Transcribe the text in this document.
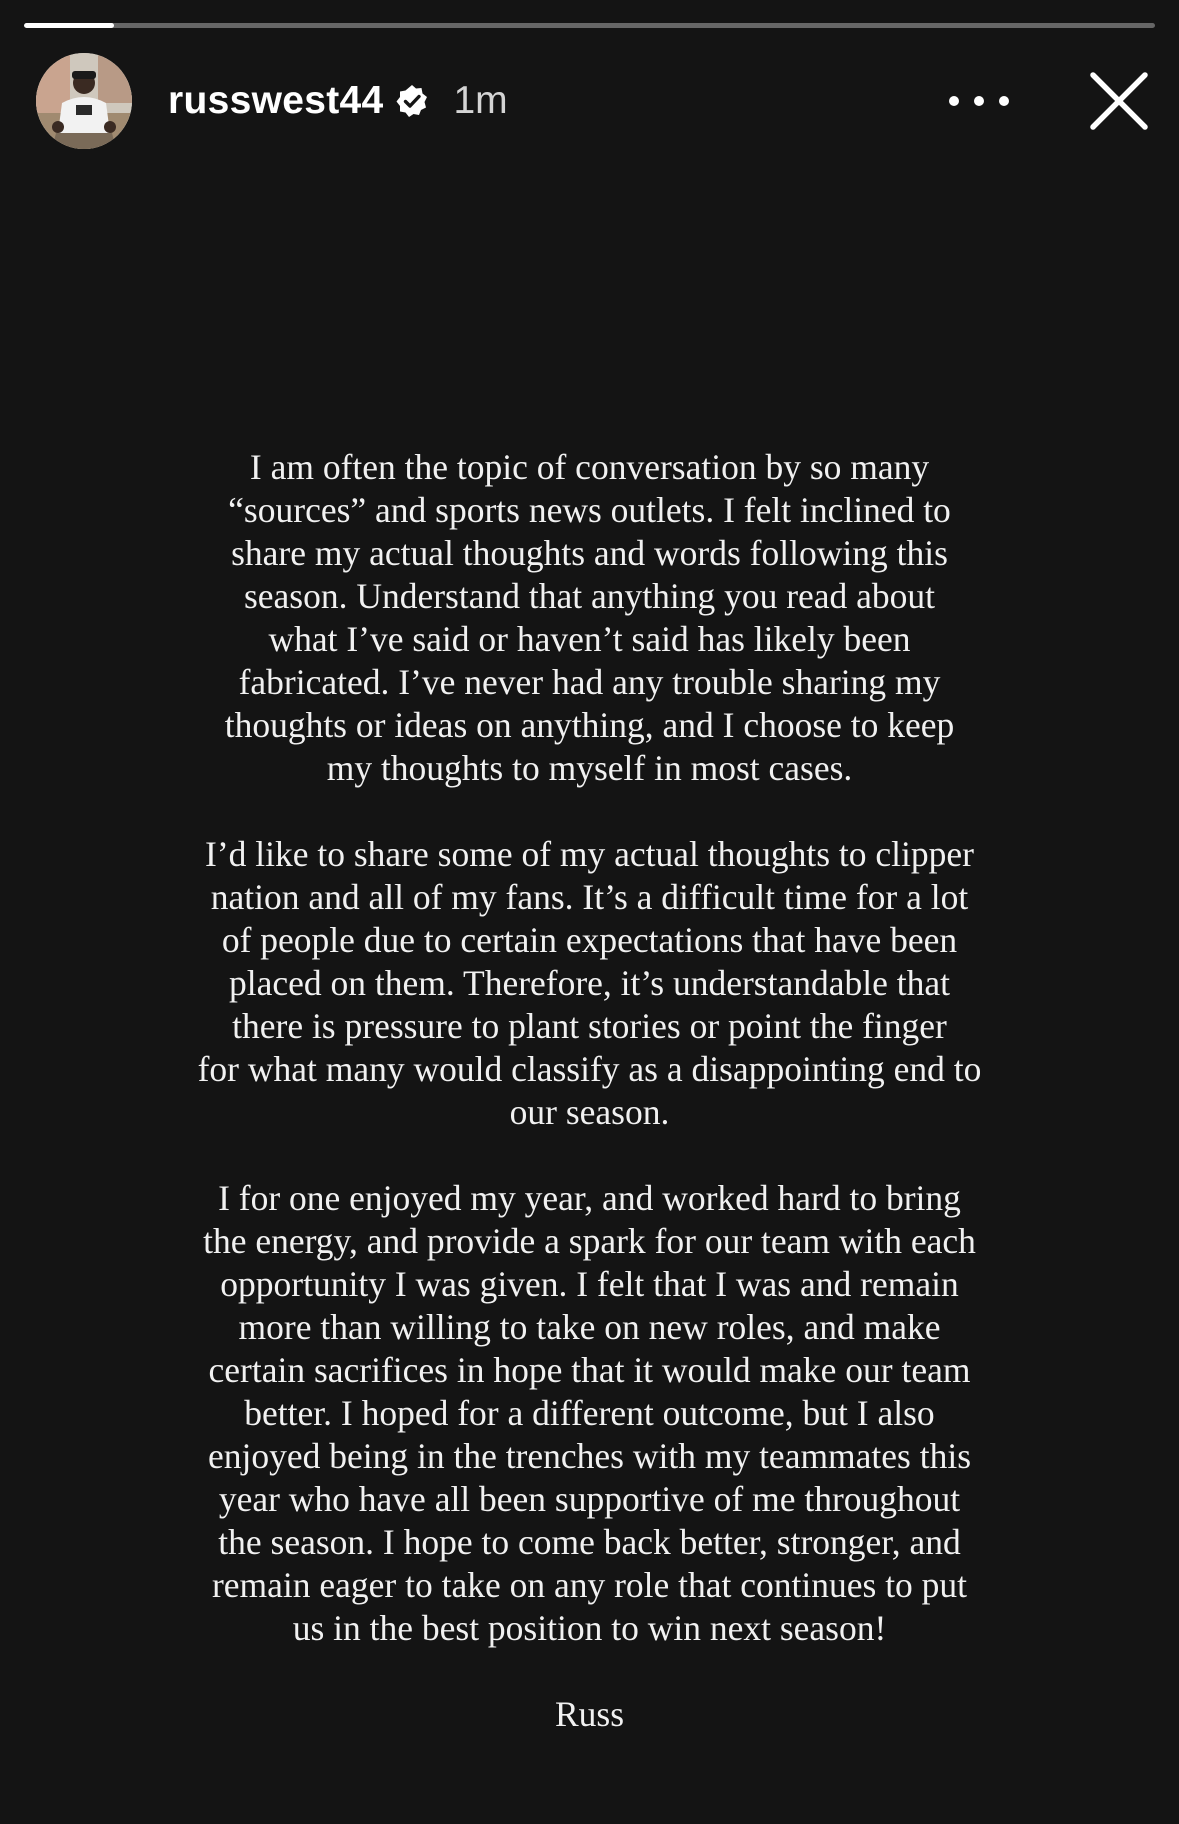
russwest44 1m

I am often the topic of conversation by so many
“sources” and sports news outlets. I felt inclined to
share my actual thoughts and words following this
season. Understand that anything you read about
what I’ve said or haven’t said has likely been
fabricated. I’ve never had any trouble sharing my
thoughts or ideas on anything, and I choose to keep
my thoughts to myself in most cases.

I’d like to share some of my actual thoughts to clipper
nation and all of my fans. It’s a difficult time for a lot
of people due to certain expectations that have been
placed on them. Therefore, it’s understandable that
there is pressure to plant stories or point the finger
for what many would classify as a disappointing end to
our season.

I for one enjoyed my year, and worked hard to bring
the energy, and provide a spark for our team with each
opportunity I was given. I felt that I was and remain
more than willing to take on new roles, and make
certain sacrifices in hope that it would make our team
better. I hoped for a different outcome, but I also
enjoyed being in the trenches with my teammates this
year who have all been supportive of me throughout
the season. I hope to come back better, stronger, and
remain eager to take on any role that continues to put
us in the best position to win next season!

Russ
